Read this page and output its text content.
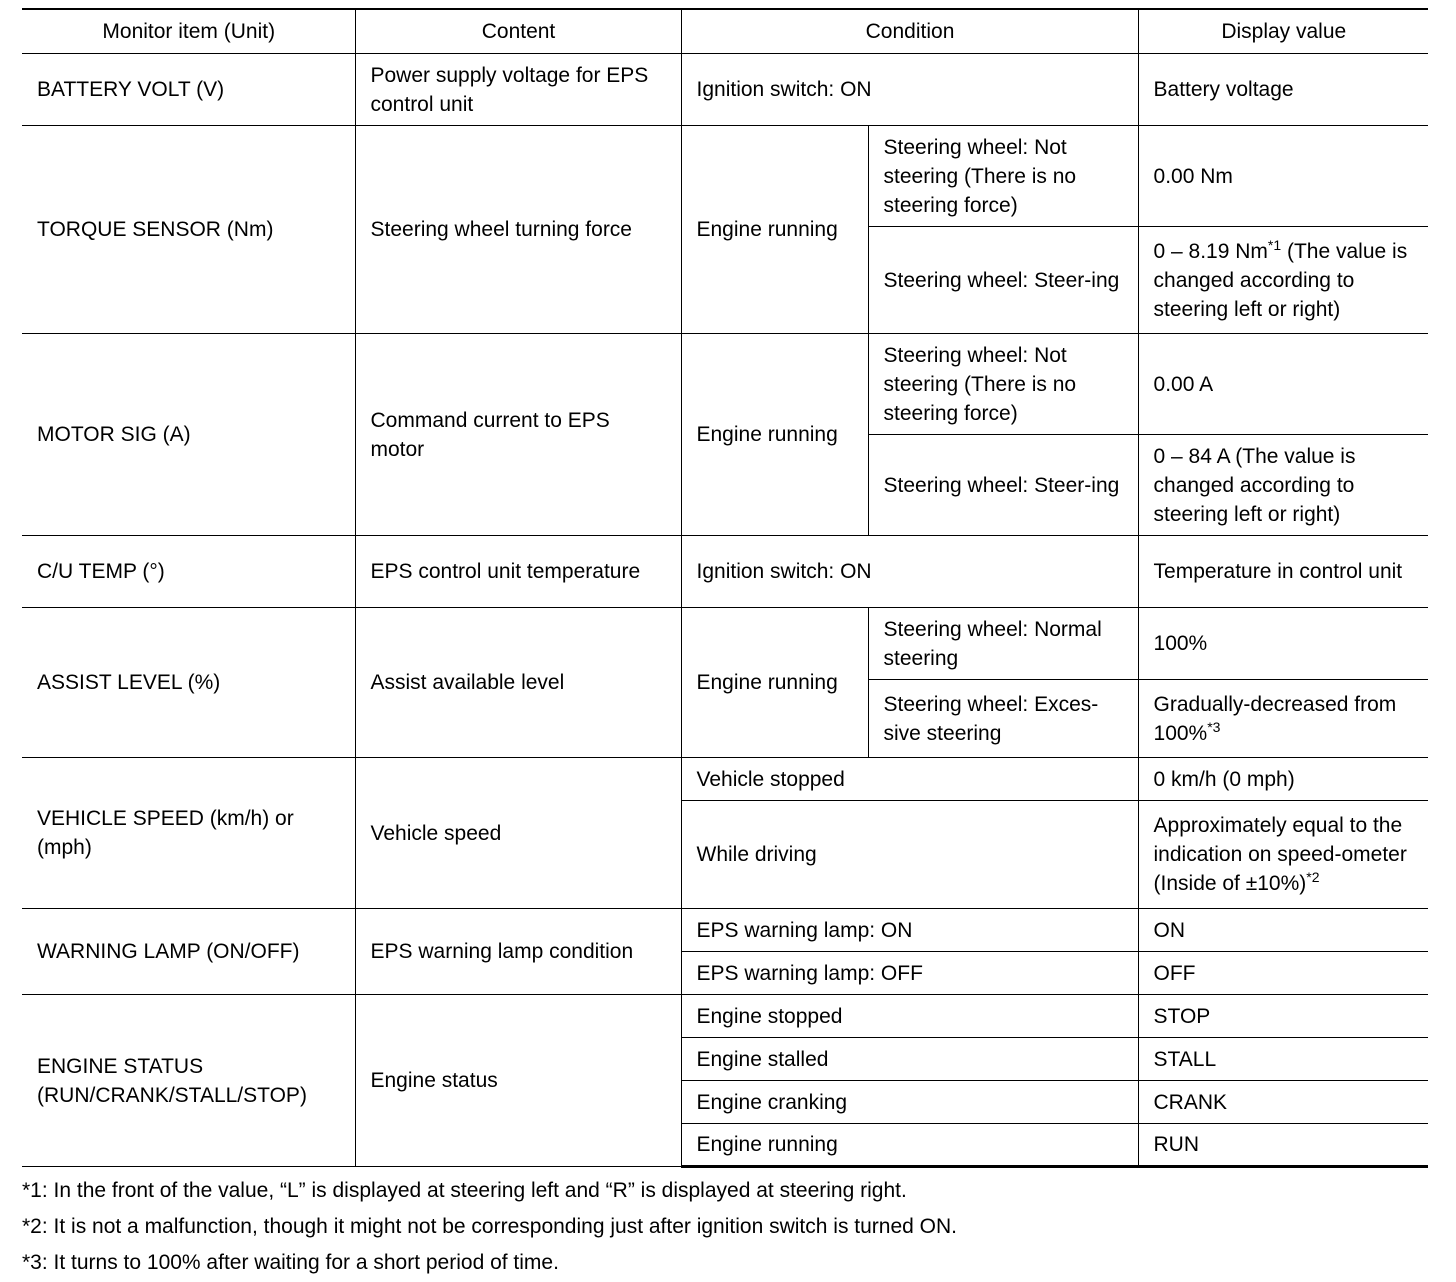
Monitor item (Unit)	Content	Condition		Display value
BATTERY VOLT (V)	Power supply voltage for EPS control unit	Ignition switch: ON		Battery voltage
TORQUE SENSOR (Nm)	Steering wheel turning force	Engine running	Steering wheel: Not steering (There is no steering force)	0.00 Nm
			Steering wheel: Steer-ing	0 – 8.19 Nm$^{*1}$ (The value is changed according to steering left or right)
MOTOR SIG (A)	Command current to EPS motor	Engine running	Steering wheel: Not steering (There is no steering force)	0.00 A
			Steering wheel: Steer-ing	0 – 84 A (The value is changed according to steering left or right)
C/U TEMP (°)	EPS control unit temperature	Ignition switch: ON		Temperature in control unit
ASSIST LEVEL (%)	Assist available level	Engine running	Steering wheel: Normal steering	100%
			Steering wheel: Exces-sive steering	Gradually-decreased from 100%$^{*3}$
VEHICLE SPEED (km/h) or (mph)	Vehicle speed	Vehicle stopped		0 km/h (0 mph)
		While driving		Approximately equal to the indication on speed-ometer (Inside of ±10%)$^{*2}$
WARNING LAMP (ON/OFF)	EPS warning lamp condition	EPS warning lamp: ON		ON
		EPS warning lamp: OFF		OFF
ENGINE STATUS (RUN/CRANK/STALL/STOP)	Engine status	Engine stopped		STOP
		Engine stalled		STALL
		Engine cranking		CRANK
		Engine running		RUN
*1: In the front of the value, “L” is displayed at steering left and “R” is displayed at steering right.
*2: It is not a malfunction, though it might not be corresponding just after ignition switch is turned ON.
*3: It turns to 100% after waiting for a short period of time.
